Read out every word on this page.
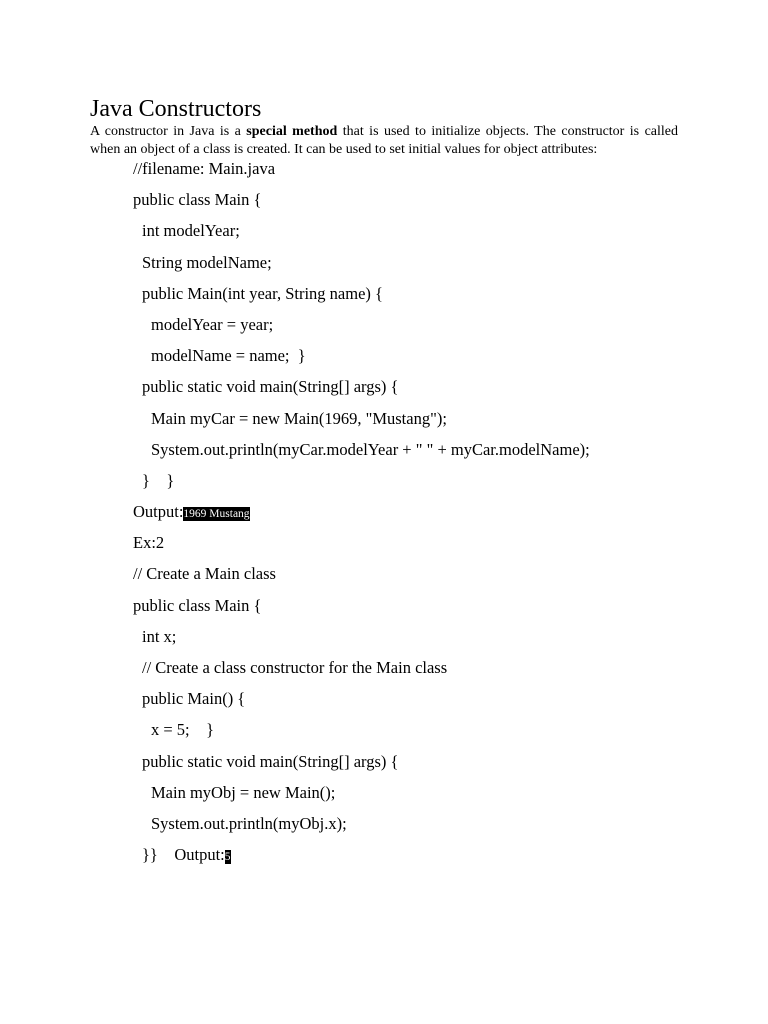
Java Constructors
A constructor in Java is a special method that is used to initialize objects. The constructor is called when an object of a class is created. It can be used to set initial values for object attributes:
//filename: Main.java
public class Main {
int modelYear;
String modelName;
public Main(int year, String name) {
modelYear = year;
modelName = name;  }
public static void main(String[] args) {
Main myCar = new Main(1969, "Mustang");
System.out.println(myCar.modelYear + " " + myCar.modelName);
}    }
Output:1969 Mustang
Ex:2
// Create a Main class
public class Main {
int x;
// Create a class constructor for the Main class
public Main() {
x = 5;    }
public static void main(String[] args) {
Main myObj = new Main();
System.out.println(myObj.x);
}}    Output:5
